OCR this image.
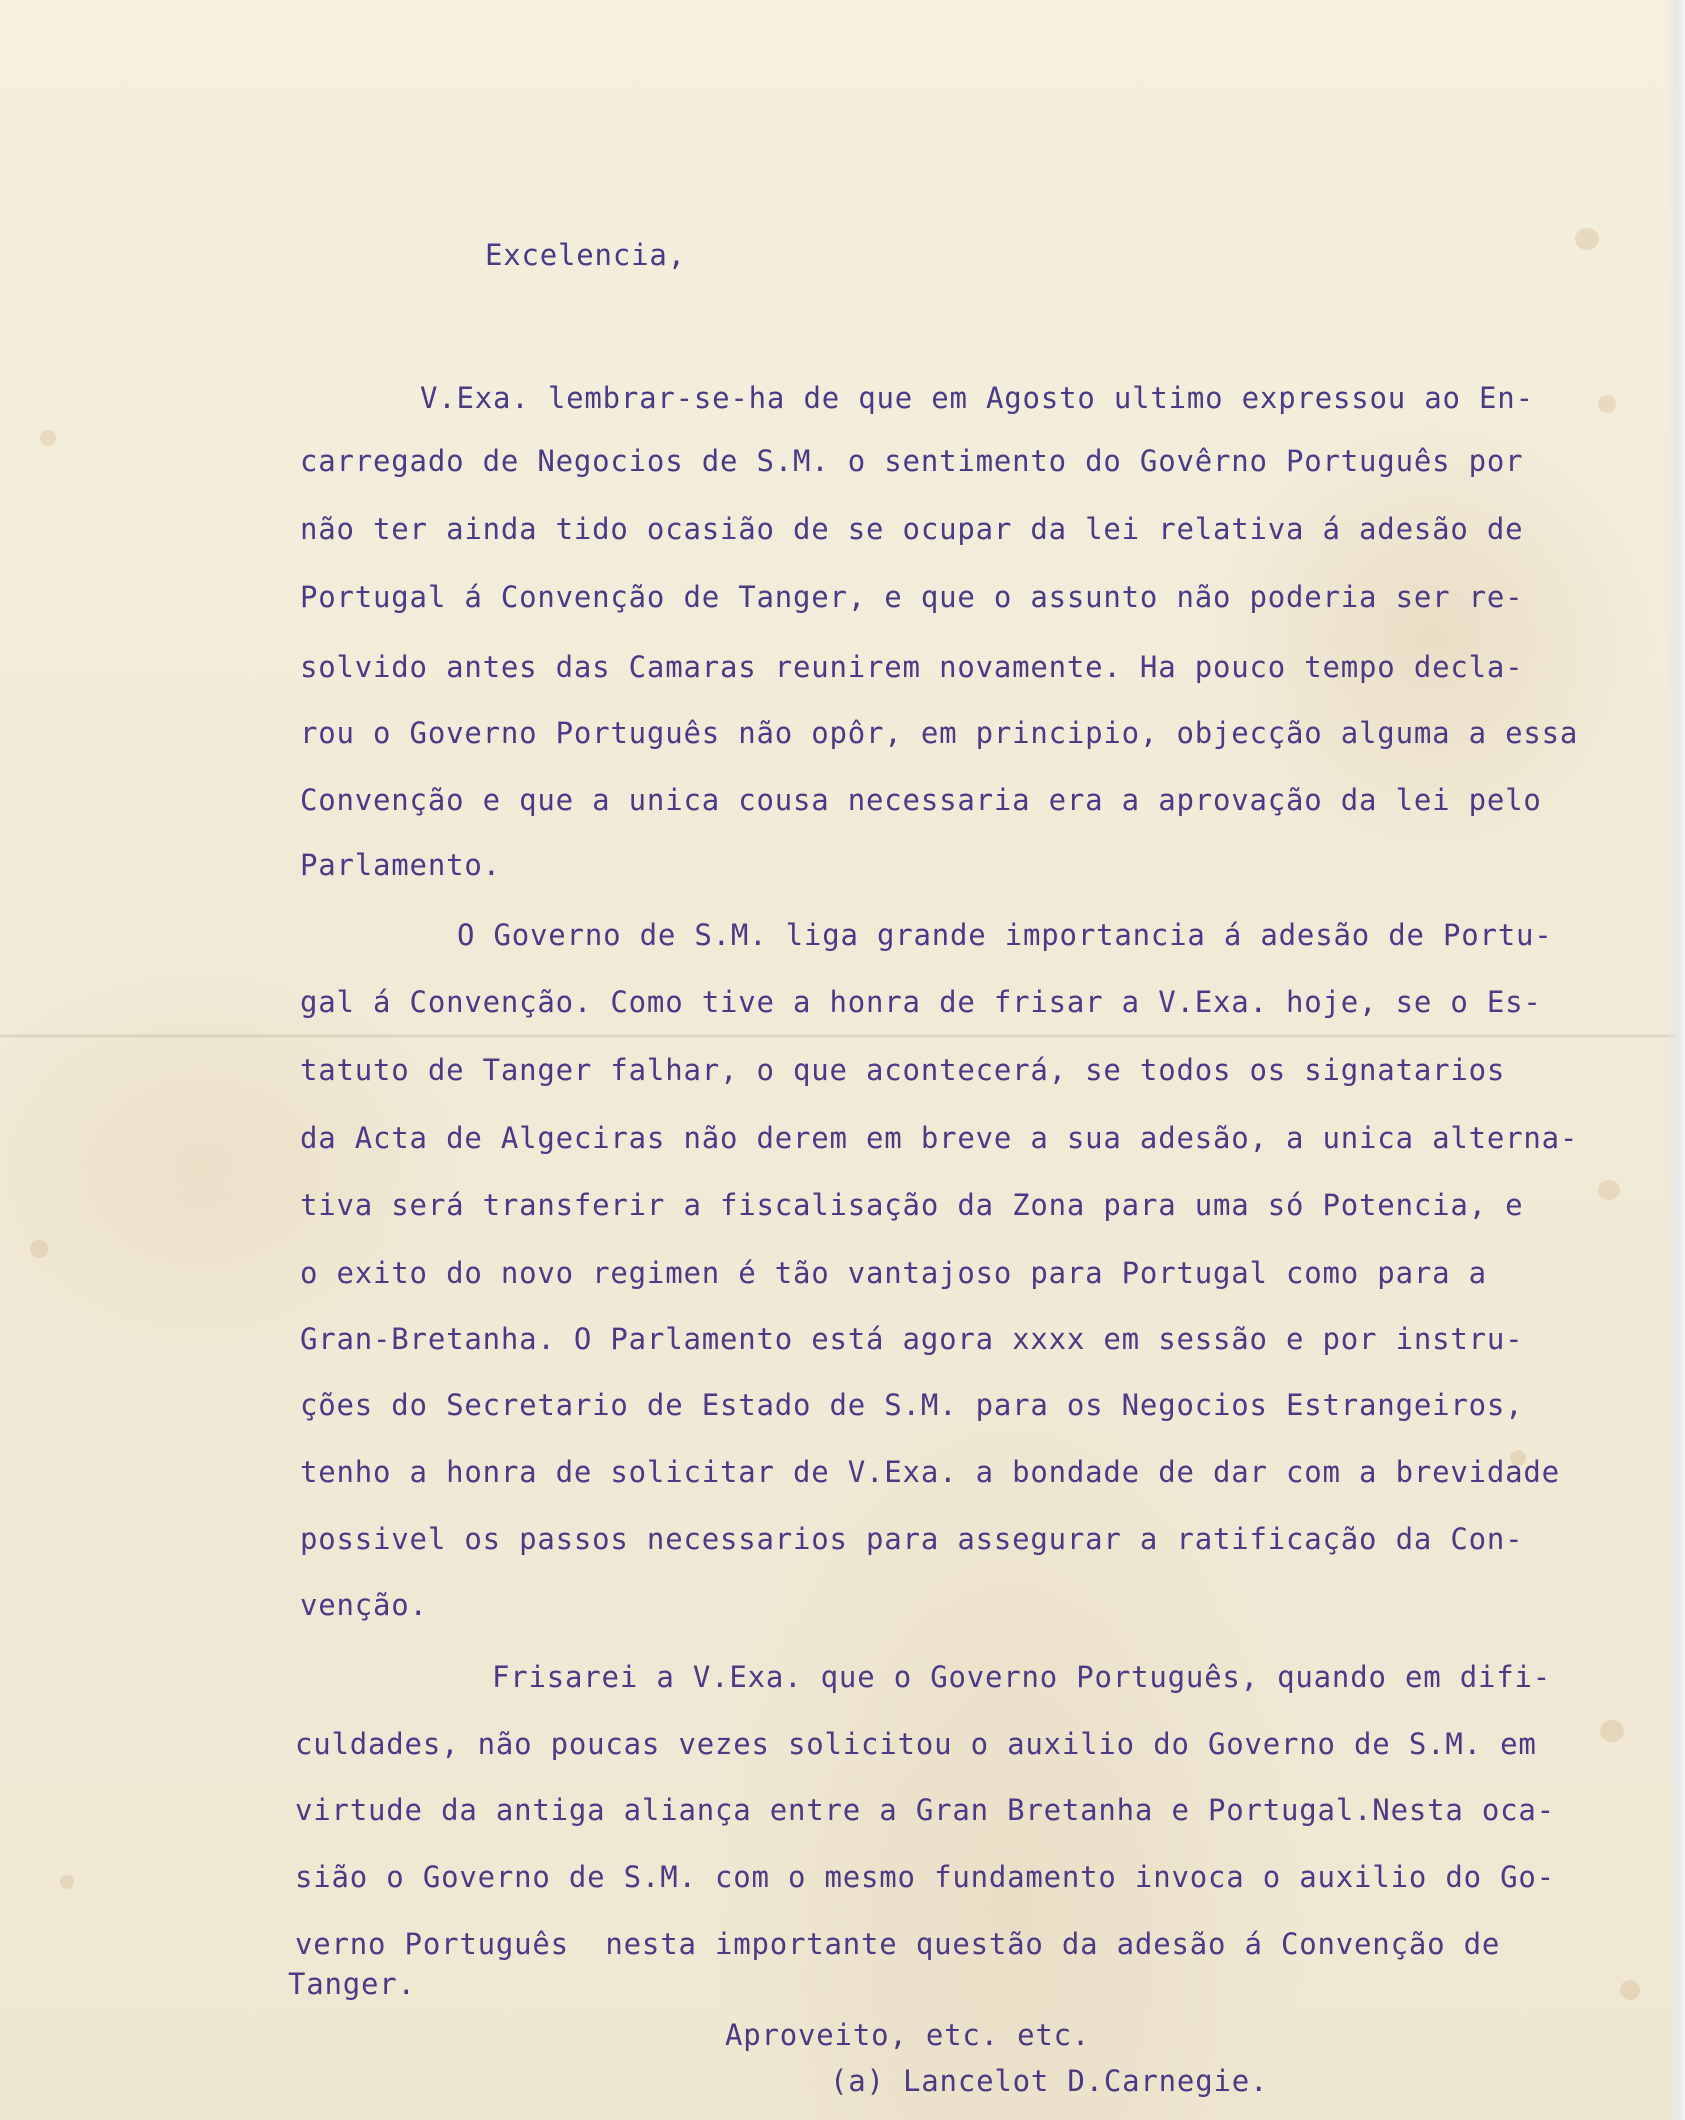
Excelencia,
V.Exa. lembrar-se-ha de que em Agosto ultimo expressou ao En-
carregado de Negocios de S.M. o sentimento do Govêrno Português por
não ter ainda tido ocasião de se ocupar da lei relativa á adesão de
Portugal á Convenção de Tanger, e que o assunto não poderia ser re-
solvido antes das Camaras reunirem novamente. Ha pouco tempo decla-
rou o Governo Português não opôr, em principio, objecção alguma a essa
Convenção e que a unica cousa necessaria era a aprovação da lei pelo
Parlamento.
O Governo de S.M. liga grande importancia á adesão de Portu-
gal á Convenção. Como tive a honra de frisar a V.Exa. hoje, se o Es-
tatuto de Tanger falhar, o que acontecerá, se todos os signatarios
da Acta de Algeciras não derem em breve a sua adesão, a unica alterna-
tiva será transferir a fiscalisação da Zona para uma só Potencia, e
o exito do novo regimen é tão vantajoso para Portugal como para a
Gran-Bretanha. O Parlamento está agora xxxx em sessão e por instru-
ções do Secretario de Estado de S.M. para os Negocios Estrangeiros,
tenho a honra de solicitar de V.Exa. a bondade de dar com a brevidade
possivel os passos necessarios para assegurar a ratificação da Con-
venção.
Frisarei a V.Exa. que o Governo Português, quando em difi-
culdades, não poucas vezes solicitou o auxilio do Governo de S.M. em
virtude da antiga aliança entre a Gran Bretanha e Portugal.Nesta oca-
sião o Governo de S.M. com o mesmo fundamento invoca o auxilio do Go-
verno Português  nesta importante questão da adesão á Convenção de
Tanger.
Aproveito, etc. etc.
(a) Lancelot D.Carnegie.
